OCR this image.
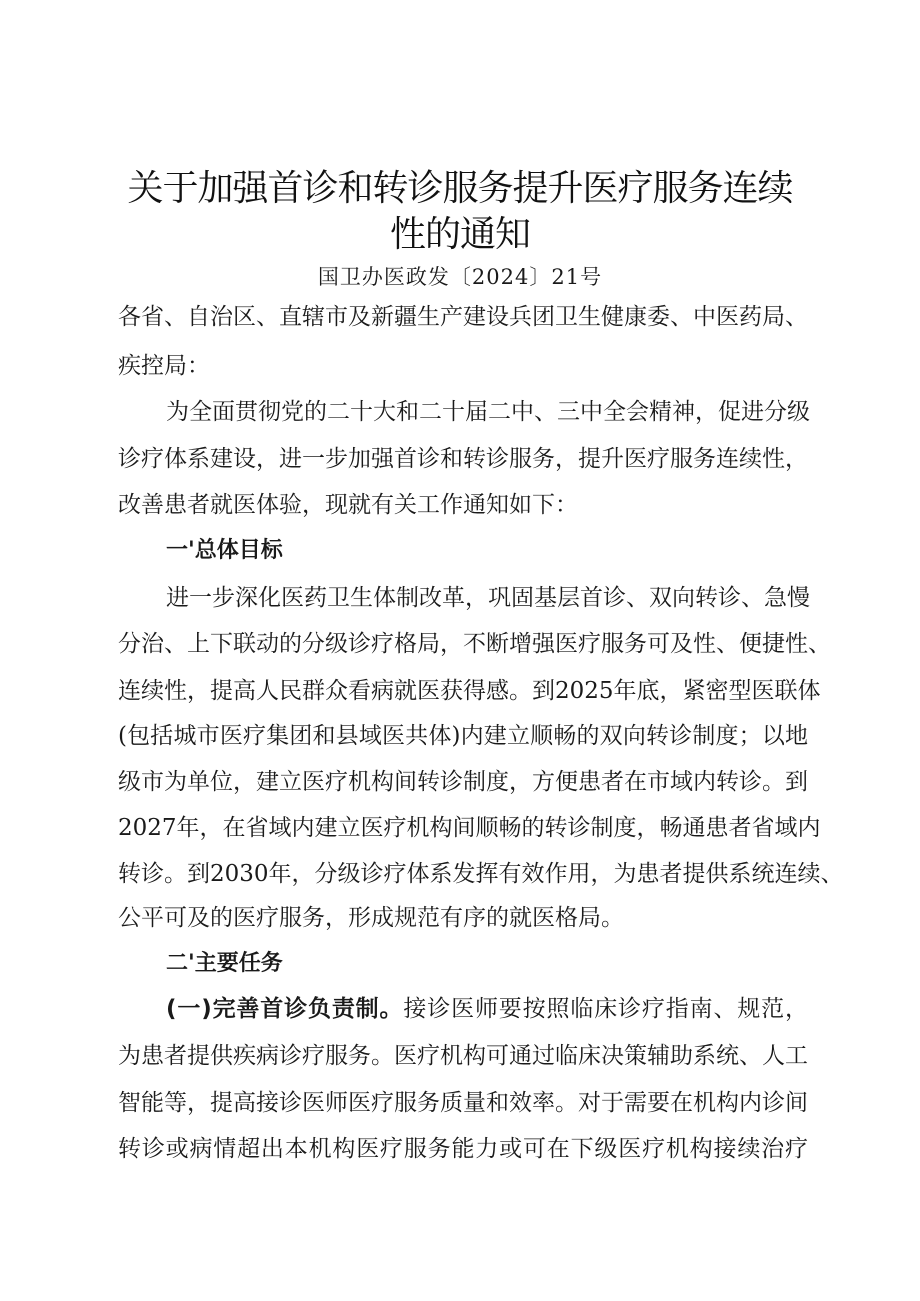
关于加强首诊和转诊服务提升医疗服务连续
性的通知
国卫办医政发〔2024〕21号
各省、自治区、直辖市及新疆生产建设兵团卫生健康委、中医药局、
疾控局：
为全面贯彻党的二十大和二十届二中、三中全会精神，促进分级
诊疗体系建设，进一步加强首诊和转诊服务，提升医疗服务连续性，
改善患者就医体验，现就有关工作通知如下：
一'总体目标
进一步深化医药卫生体制改革，巩固基层首诊、双向转诊、急慢
分治、上下联动的分级诊疗格局，不断增强医疗服务可及性、便捷性、
连续性，提高人民群众看病就医获得感。到2025年底，紧密型医联体
(包括城市医疗集团和县域医共体)内建立顺畅的双向转诊制度；以地
级市为单位，建立医疗机构间转诊制度，方便患者在市域内转诊。到
2027年，在省域内建立医疗机构间顺畅的转诊制度，畅通患者省域内
转诊。到2030年，分级诊疗体系发挥有效作用，为患者提供系统连续、
公平可及的医疗服务，形成规范有序的就医格局。
二'主要任务
(一)完善首诊负责制。接诊医师要按照临床诊疗指南、规范，
为患者提供疾病诊疗服务。医疗机构可通过临床决策辅助系统、人工
智能等，提高接诊医师医疗服务质量和效率。对于需要在机构内诊间
转诊或病情超出本机构医疗服务能力或可在下级医疗机构接续治疗
